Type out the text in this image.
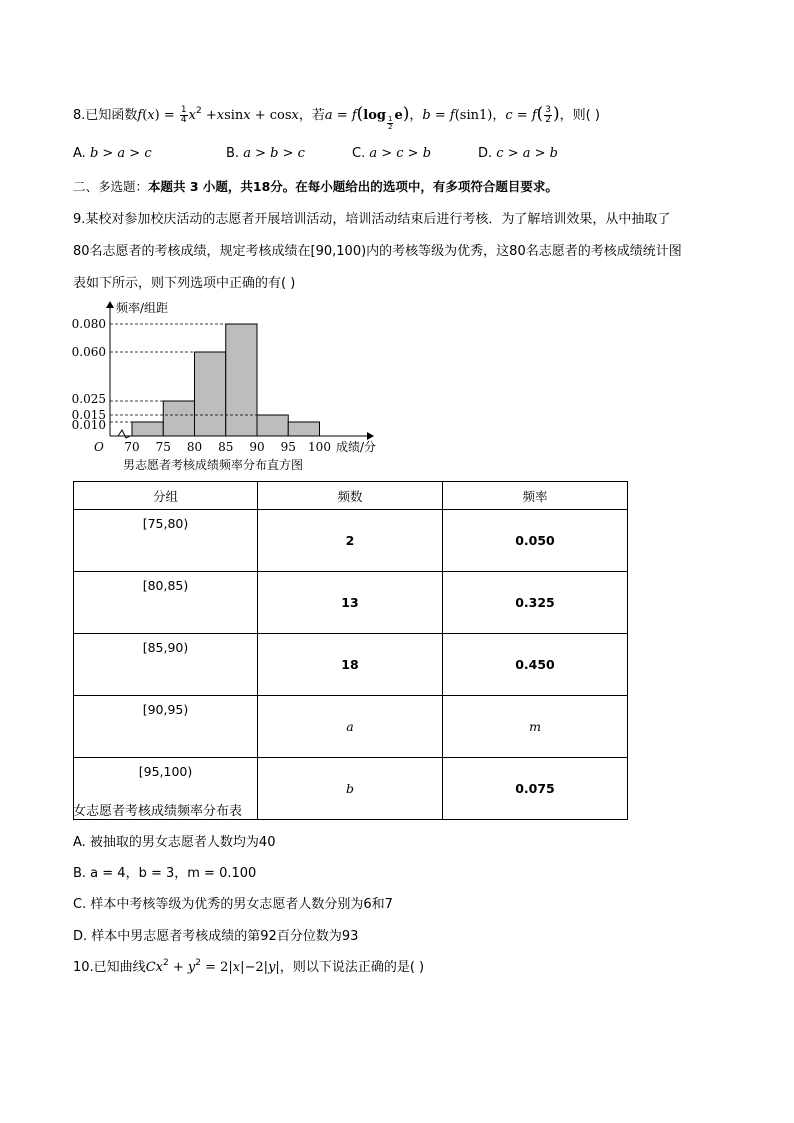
8.已知函数$f(x) = \frac{1}{4} x^2 +xsinx + \cos x$，若a = f(log
$_{\frac{1}{2}}$
e)，b = f(sin1)，$c = f( \frac{3}{2}$ )，则( )
A. b > a > c	B. a > b > c	C. a > c > b	D. c > a > b
二、多选题：本题共 3 小题，共18分。在每小题给出的选项中，有多项符合题目要求。
9.某校对参加校庆活动的志愿者开展培训活动，培训活动结束后进行考核．为了解培训效果，从中抽取了
80名志愿者的考核成绩，规定考核成绩在[90,100)内的考核等级为优秀，这80名志愿者的考核成绩统计图
表如下所示，则下列选项中正确的有( )
0.080
0.060
0.025
0.015
0.010
70 75 80 85 90 95 100
O
频率/组距
成绩/分
男志愿者考核成绩频率分布直方图
分组	频数	频率
[75,80)	2	0.050
[80,85)	13	0.325
[85,90)	18	0.450
[90,95)	a	m
[95,100)	b	0.075
女志愿者考核成绩频率分布表
A. 被抽取的男女志愿者人数均为40
B. a = 4，b = 3，m = 0.100
C. 样本中考核等级为优秀的男女志愿者人数分别为6和7
D. 样本中男志愿者考核成绩的第92百分位数为93
10.已知曲线$Cx^2 + y^2 = 2|x|-2|y|$，则以下说法正确的是( )
